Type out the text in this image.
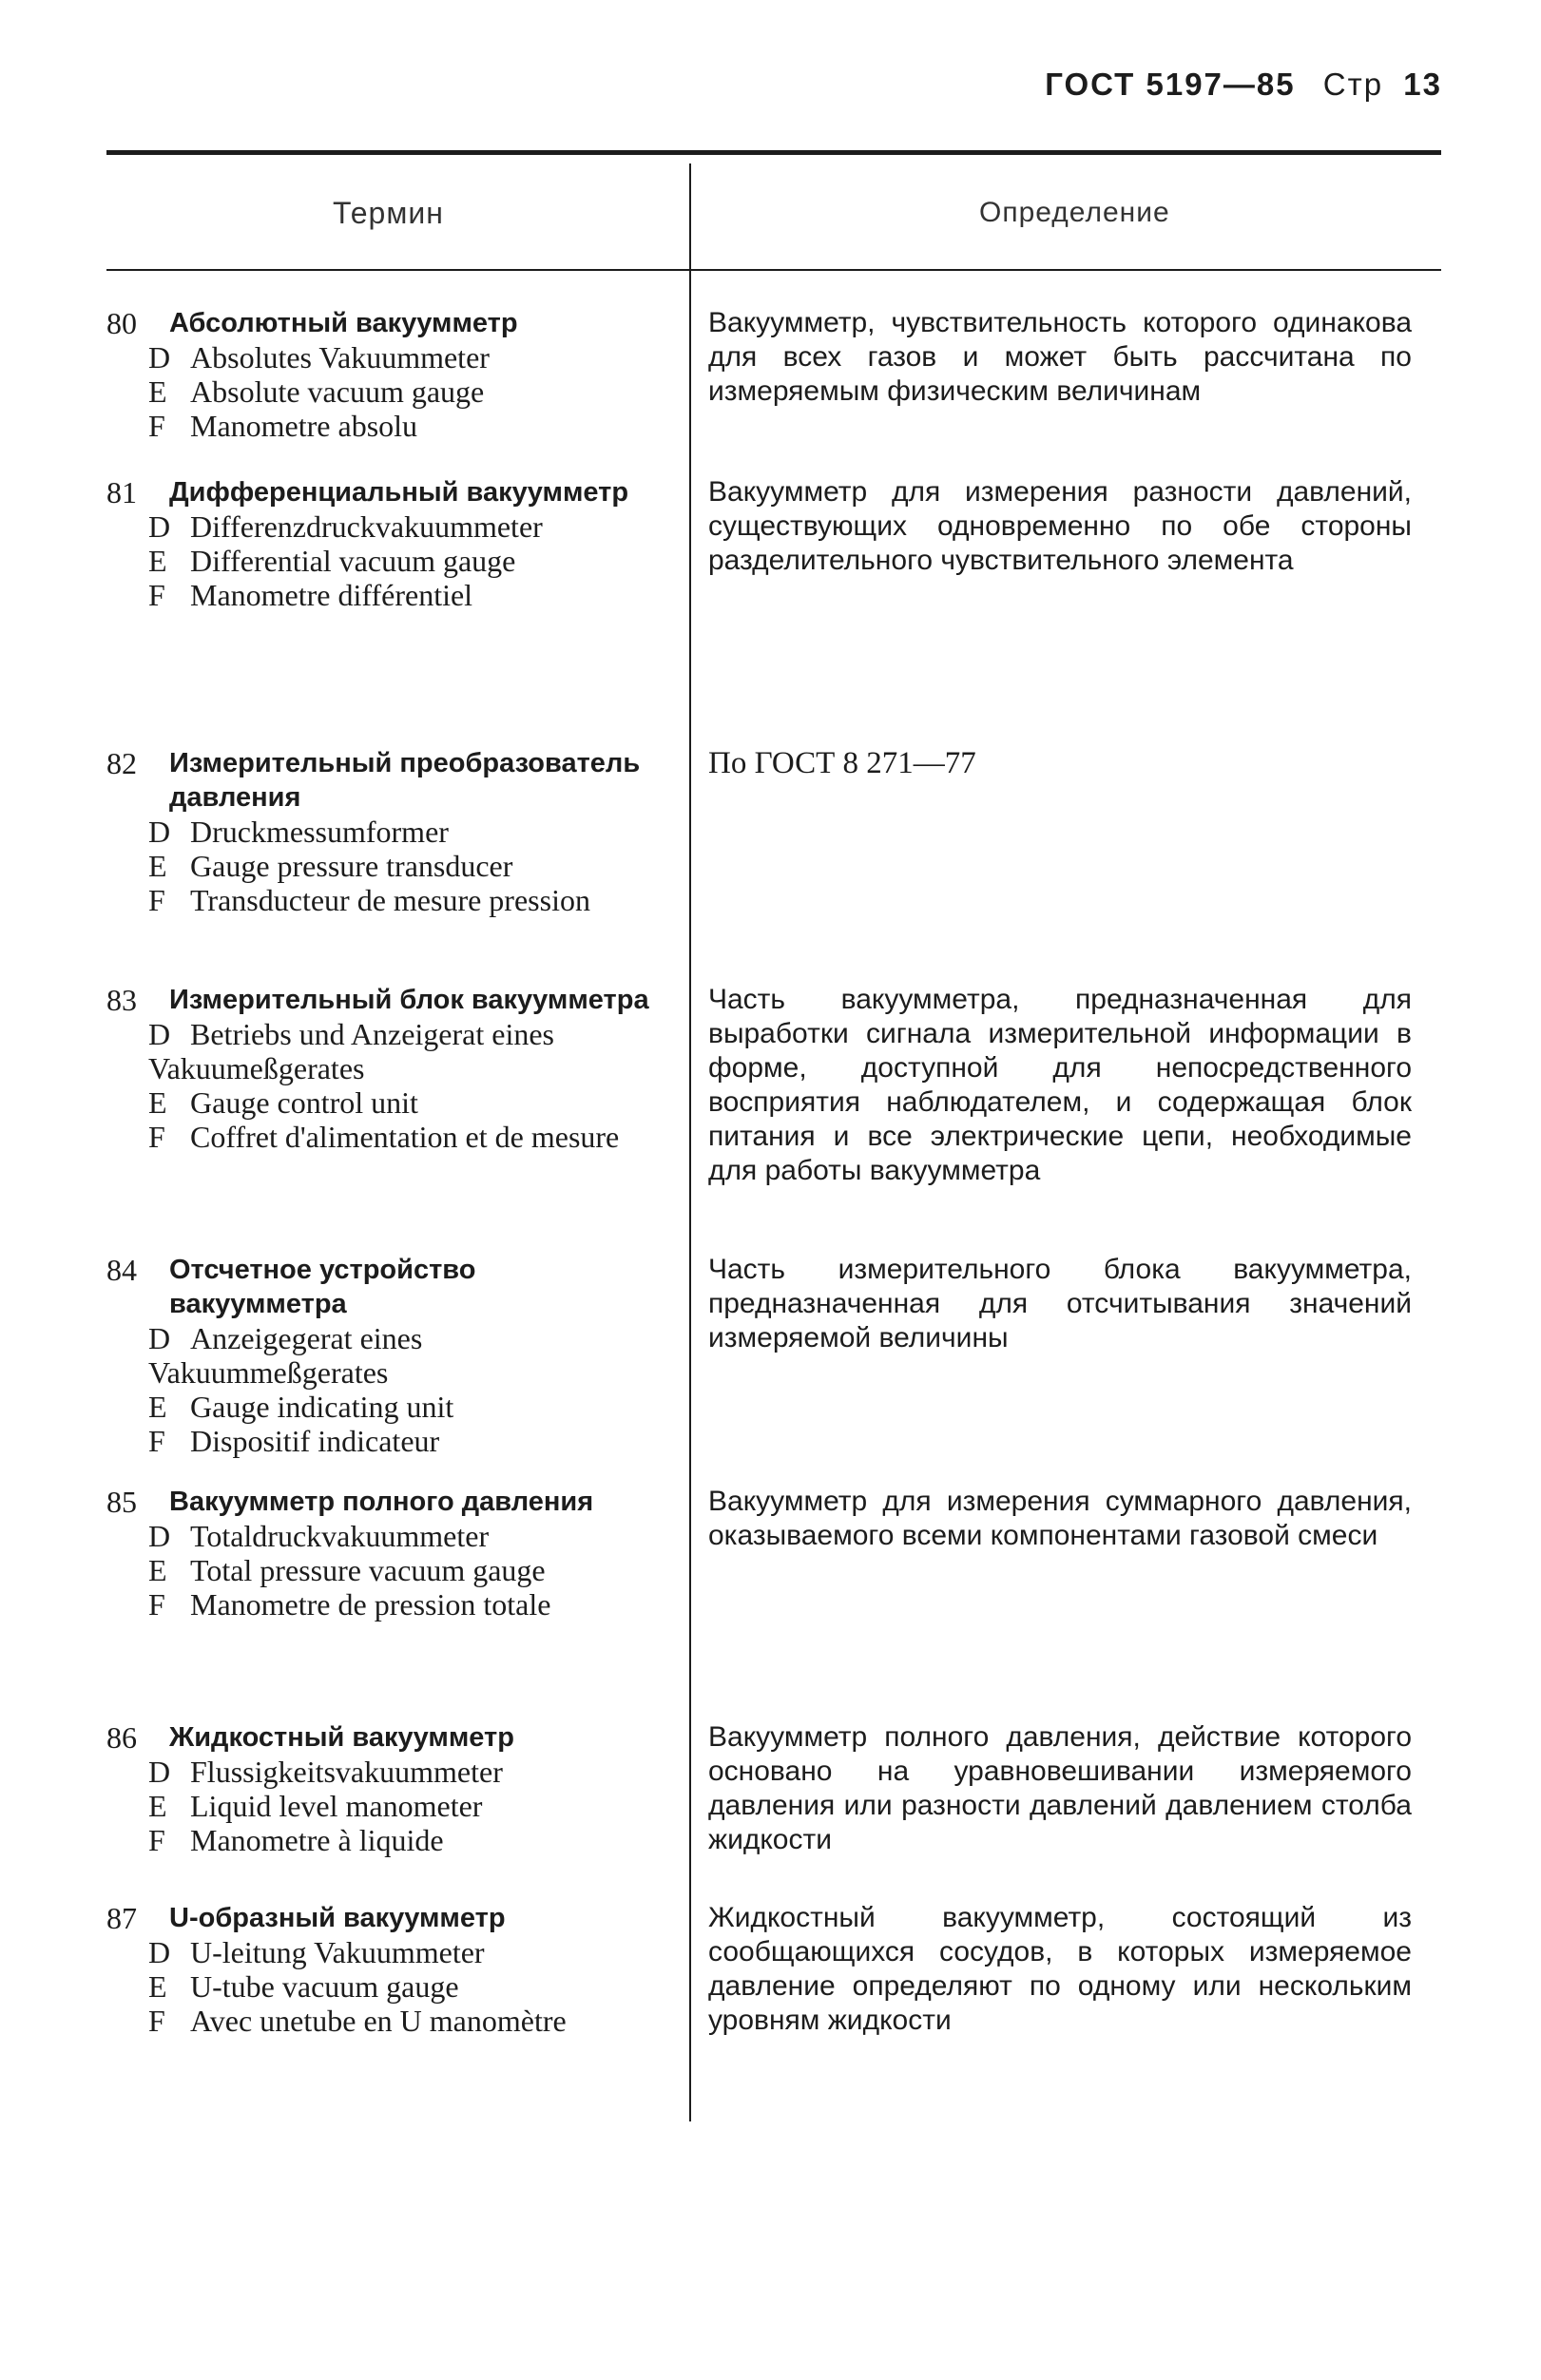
ГОСТ 5197—85 Стр 13
Термин	Определение
80 Абсолютный вакуумметр
D Absolutes Vakuummeter
E Absolute vacuum gauge
F Manometre absolu
Вакуумметр, чувствительность которого одинакова для всех газов и может быть рассчитана по измеряемым физическим величинам
81 Дифференциальный вакуумметр
D Differenzdruckvakuummeter
E Differential vacuum gauge
F Manometre différentiel
Вакуумметр для измерения разности давлений, существующих одновременно по обе стороны разделительного чувствительного элемента
82 Измерительный преобразователь давления
D Druckmessumformer
E Gauge pressure transducer
F Transducteur de mesure pression
По ГОСТ 8 271—77
83 Измерительный блок вакуумметра
D Betriebs und Anzeigerat eines Vakuumeßgerates
E Gauge control unit
F Coffret d'alimentation et de mesure
Часть вакуумметра, предназначенная для выработки сигнала измерительной информации в форме, доступной для непосредственного восприятия наблюдателем, и содержащая блок питания и все электрические цепи, необходимые для работы вакуумметра
84 Отсчетное устройство вакуумметра
D Anzeigegerat eines Vakuummeßgerates
E Gauge indicating unit
F Dispositif indicateur
Часть измерительного блока вакуумметра, предназначенная для отсчитывания значений измеряемой величины
85 Вакуумметр полного давления
D Totaldruckvakuummeter
E Total pressure vacuum gauge
F Manometre de pression totale
Вакуумметр для измерения суммарного давления, оказываемого всеми компонентами газовой смеси
86 Жидкостный вакуумметр
D Flussigkeitsvakuummeter
E Liquid level manometer
F Manometre à liquide
Вакуумметр полного давления, действие которого основано на уравновешивании измеряемого давления или разности давлений давлением столба жидкости
87 U-образный вакуумметр
D U-leitung Vakuummeter
E U-tube vacuum gauge
F Avec unetube en U manomètre
Жидкостный вакуумметр, состоящий из сообщающихся сосудов, в которых измеряемое давление определяют по одному или нескольким уровням жидкости
